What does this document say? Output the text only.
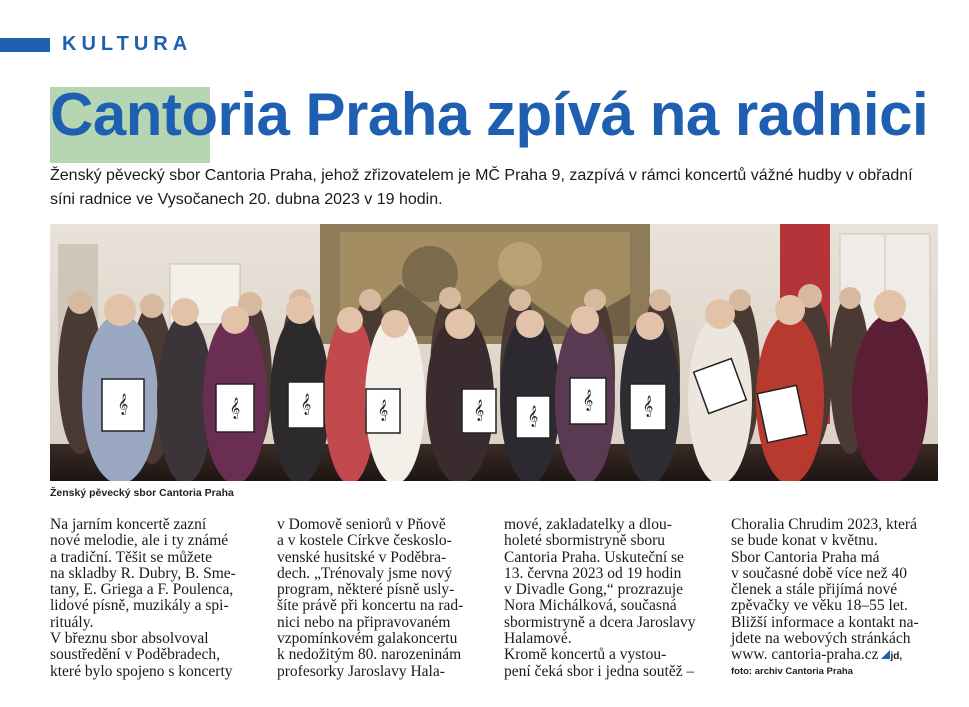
KULTURA
Cantoria Praha zpívá na radnici

Ženský pěvecký sbor Cantoria Praha, jehož zřizovatelem je MČ Praha 9, zazpívá v rámci koncertů vážné hudby v obřadní síni radnice ve Vysočanech 20. dubna 2023 v 19 hodin.

𝄞	𝄞	𝄞	𝄞	𝄞 𝄞
𝄞	𝄞
Ženský pěvecký sbor Cantoria Praha

Na jarním koncertě zazní
nové melodie, ale i ty známé
a tradiční. Těšit se můžete
na skladby R. Dubry, B. Sme-
tany, E. Griega a F. Poulenca,
lidové písně, muzikály a spi-
rituály.

V březnu sbor absolvoval
soustředění v Poděbradech,
které bylo spojeno s koncerty

v Domově seniorů v Pňově
a v kostele Církve českoslo-
venské husitské v Poděbra-
dech. „Trénovaly jsme nový
program, některé písně usly-
šíte právě při koncertu na rad-
nici nebo na připravovaném
vzpomínkovém galakoncertu
k nedožitým 80. narozeninám
profesorky Jaroslavy Hala-

mové, zakladatelky a dlou-
holeté sbormistryně sboru
Cantoria Praha. Uskuteční se
13. června 2023 od 19 hodin
v Divadle Gong,“ prozrazuje
Nora Michálková, současná
sbormistryně a dcera Jaroslavy
Halamové.

Kromě koncertů a vystou-
pení čeká sbor i jedna soutěž –

Choralia Chrudim 2023, která
se bude konat v květnu.

Sbor Cantoria Praha má
v současné době více než 40
členek a stále přijímá nové
zpěvačky ve věku 18–55 let.
Bližší informace a kontakt na-
jdete na webových stránkách
www. cantoria-praha.cz jd,

foto: archiv Cantoria Praha
